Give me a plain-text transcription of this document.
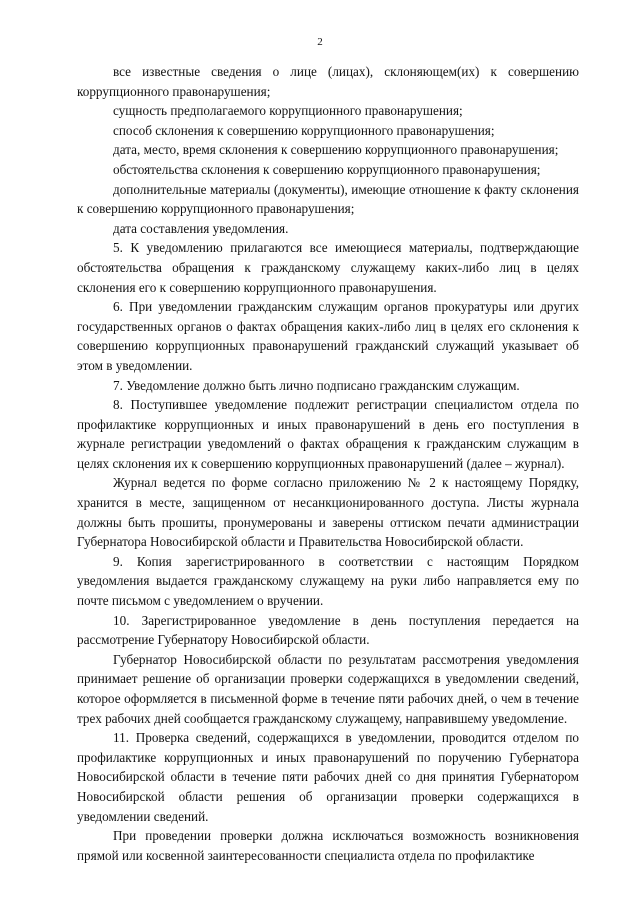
2

все известные сведения о лице (лицах), склоняющем(их) к совершению коррупционного правонарушения;

сущность предполагаемого коррупционного правонарушения;

способ склонения к совершению коррупционного правонарушения;

дата, место, время склонения к совершению коррупционного правонарушения;

обстоятельства склонения к совершению коррупционного правонарушения;

дополнительные материалы (документы), имеющие отношение к факту склонения к совершению коррупционного правонарушения;

дата составления уведомления.

5. К уведомлению прилагаются все имеющиеся материалы, подтверждающие обстоятельства обращения к гражданскому служащему каких-либо лиц в целях склонения его к совершению коррупционного правонарушения.

6. При уведомлении гражданским служащим органов прокуратуры или других государственных органов о фактах обращения каких-либо лиц в целях его склонения к совершению коррупционных правонарушений гражданский служащий указывает об этом в уведомлении.

7. Уведомление должно быть лично подписано гражданским служащим.

8. Поступившее уведомление подлежит регистрации специалистом отдела по профилактике коррупционных и иных правонарушений в день его поступления в журнале регистрации уведомлений о фактах обращения к гражданским служащим в целях склонения их к совершению коррупционных правонарушений (далее – журнал).

Журнал ведется по форме согласно приложению № 2 к настоящему Порядку, хранится в месте, защищенном от несанкционированного доступа. Листы журнала должны быть прошиты, пронумерованы и заверены оттиском печати администрации Губернатора Новосибирской области и Правительства Новосибирской области.

9. Копия зарегистрированного в соответствии с настоящим Порядком уведомления выдается гражданскому служащему на руки либо направляется ему по почте письмом с уведомлением о вручении.

10. Зарегистрированное уведомление в день поступления передается на рассмотрение Губернатору Новосибирской области.

Губернатор Новосибирской области по результатам рассмотрения уведомления принимает решение об организации проверки содержащихся в уведомлении сведений, которое оформляется в письменной форме в течение пяти рабочих дней, о чем в течение трех рабочих дней сообщается гражданскому служащему, направившему уведомление.

11. Проверка сведений, содержащихся в уведомлении, проводится отделом по профилактике коррупционных и иных правонарушений по поручению Губернатора Новосибирской области в течение пяти рабочих дней со дня принятия Губернатором Новосибирской области решения об организации проверки содержащихся в уведомлении сведений.

При проведении проверки должна исключаться возможность возникновения прямой или косвенной заинтересованности специалиста отдела по профилактике
